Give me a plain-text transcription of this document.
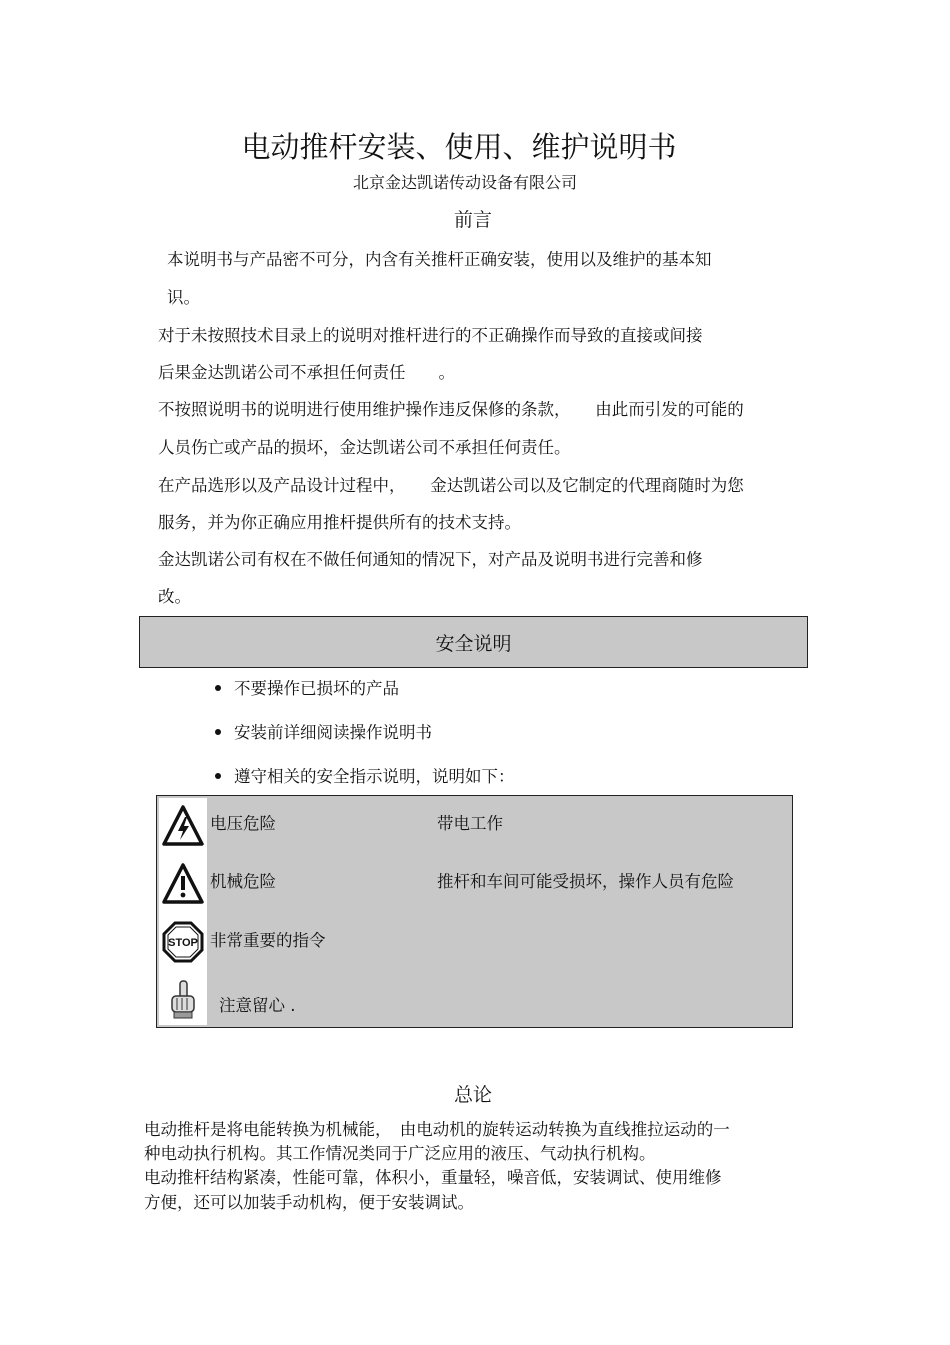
电动推杆安装、使用、维护说明书
北京金达凯诺传动设备有限公司
前言
本说明书与产品密不可分，内含有关推杆正确安装，使用以及维护的基本知
识。
对于未按照技术目录上的说明对推杆进行的不正确操作而导致的直接或间接
后果金达凯诺公司不承担任何责任　　。
不按照说明书的说明进行使用维护操作违反保修的条款，　　由此而引发的可能的
人员伤亡或产品的损坏，金达凯诺公司不承担任何责任。
在产品选形以及产品设计过程中，　　金达凯诺公司以及它制定的代理商随时为您
服务，并为你正确应用推杆提供所有的技术支持。
金达凯诺公司有权在不做任何通知的情况下，对产品及说明书进行完善和修
改。
安全说明
不要操作已损坏的产品
安装前详细阅读操作说明书
遵守相关的安全指示说明，说明如下：
STOP
电压危险	带电工作
机械危险	推杆和车间可能受损坏，操作人员有危险
非常重要的指令
注意留心 .
总论
电动推杆是将电能转换为机械能，　由电动机的旋转运动转换为直线推拉运动的一
种电动执行机构。其工作情况类同于广泛应用的液压、气动执行机构。
电动推杆结构紧凑，性能可靠，体积小，重量轻，噪音低，安装调试、使用维修
方便，还可以加装手动机构，便于安装调试。
